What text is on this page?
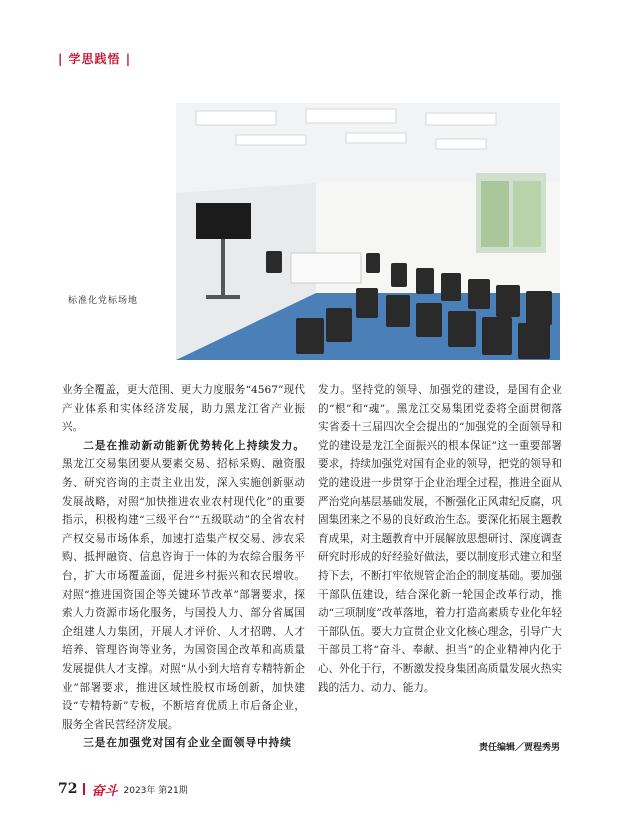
| 学思践悟 |
标准化党标场地

业务全覆盖，更大范围、更大力度服务“4567”现代产业体系和实体经济发展，助力黑龙江省产业振兴。

二是在推动新动能新优势转化上持续发力。黑龙江交易集团要从要素交易、招标采购、融资服务、研究咨询的主责主业出发，深入实施创新驱动发展战略，对照“加快推进农业农村现代化”的重要指示，积极构建“三级平台”“五级联动”的全省农村产权交易市场体系，加速打造集产权交易、涉农采购、抵押融资、信息咨询于一体的为农综合服务平台，扩大市场覆盖面，促进乡村振兴和农民增收。对照“推进国资国企等关键环节改革”部署要求，探索人力资源市场化服务，与国投人力、部分省属国企组建人力集团，开展人才评价、人才招聘、人才培养、管理咨询等业务，为国资国企改革和高质量发展提供人才支撑。对照“从小到大培育专精特新企业”部署要求，推进区域性股权市场创新，加快建设“专精特新”专板，不断培育优质上市后备企业，服务全省民营经济发展。

三是在加强党对国有企业全面领导中持续

发力。坚持党的领导、加强党的建设，是国有企业的“根”和“魂”。黑龙江交易集团党委将全面贯彻落实省委十三届四次全会提出的“加强党的全面领导和党的建设是龙江全面振兴的根本保证”这一重要部署要求，持续加强党对国有企业的领导，把党的领导和党的建设进一步贯穿于企业治理全过程，推进全面从严治党向基层基础发展，不断强化正风肃纪反腐，巩固集团来之不易的良好政治生态。要深化拓展主题教育成果，对主题教育中开展解放思想研讨、深度调查研究时形成的好经验好做法，要以制度形式建立和坚持下去，不断打牢依规管企治企的制度基础。要加强干部队伍建设，结合深化新一轮国企改革行动，推动“三项制度”改革落地，着力打造高素质专业化年轻干部队伍。要大力宣贯企业文化核心理念，引导广大干部员工将“奋斗、奉献、担当”的企业精神内化于心、外化于行，不断激发投身集团高质量发展火热实践的活力、动力、能力。

责任编辑／贾程秀男
72 奋斗 2023年 第21期
